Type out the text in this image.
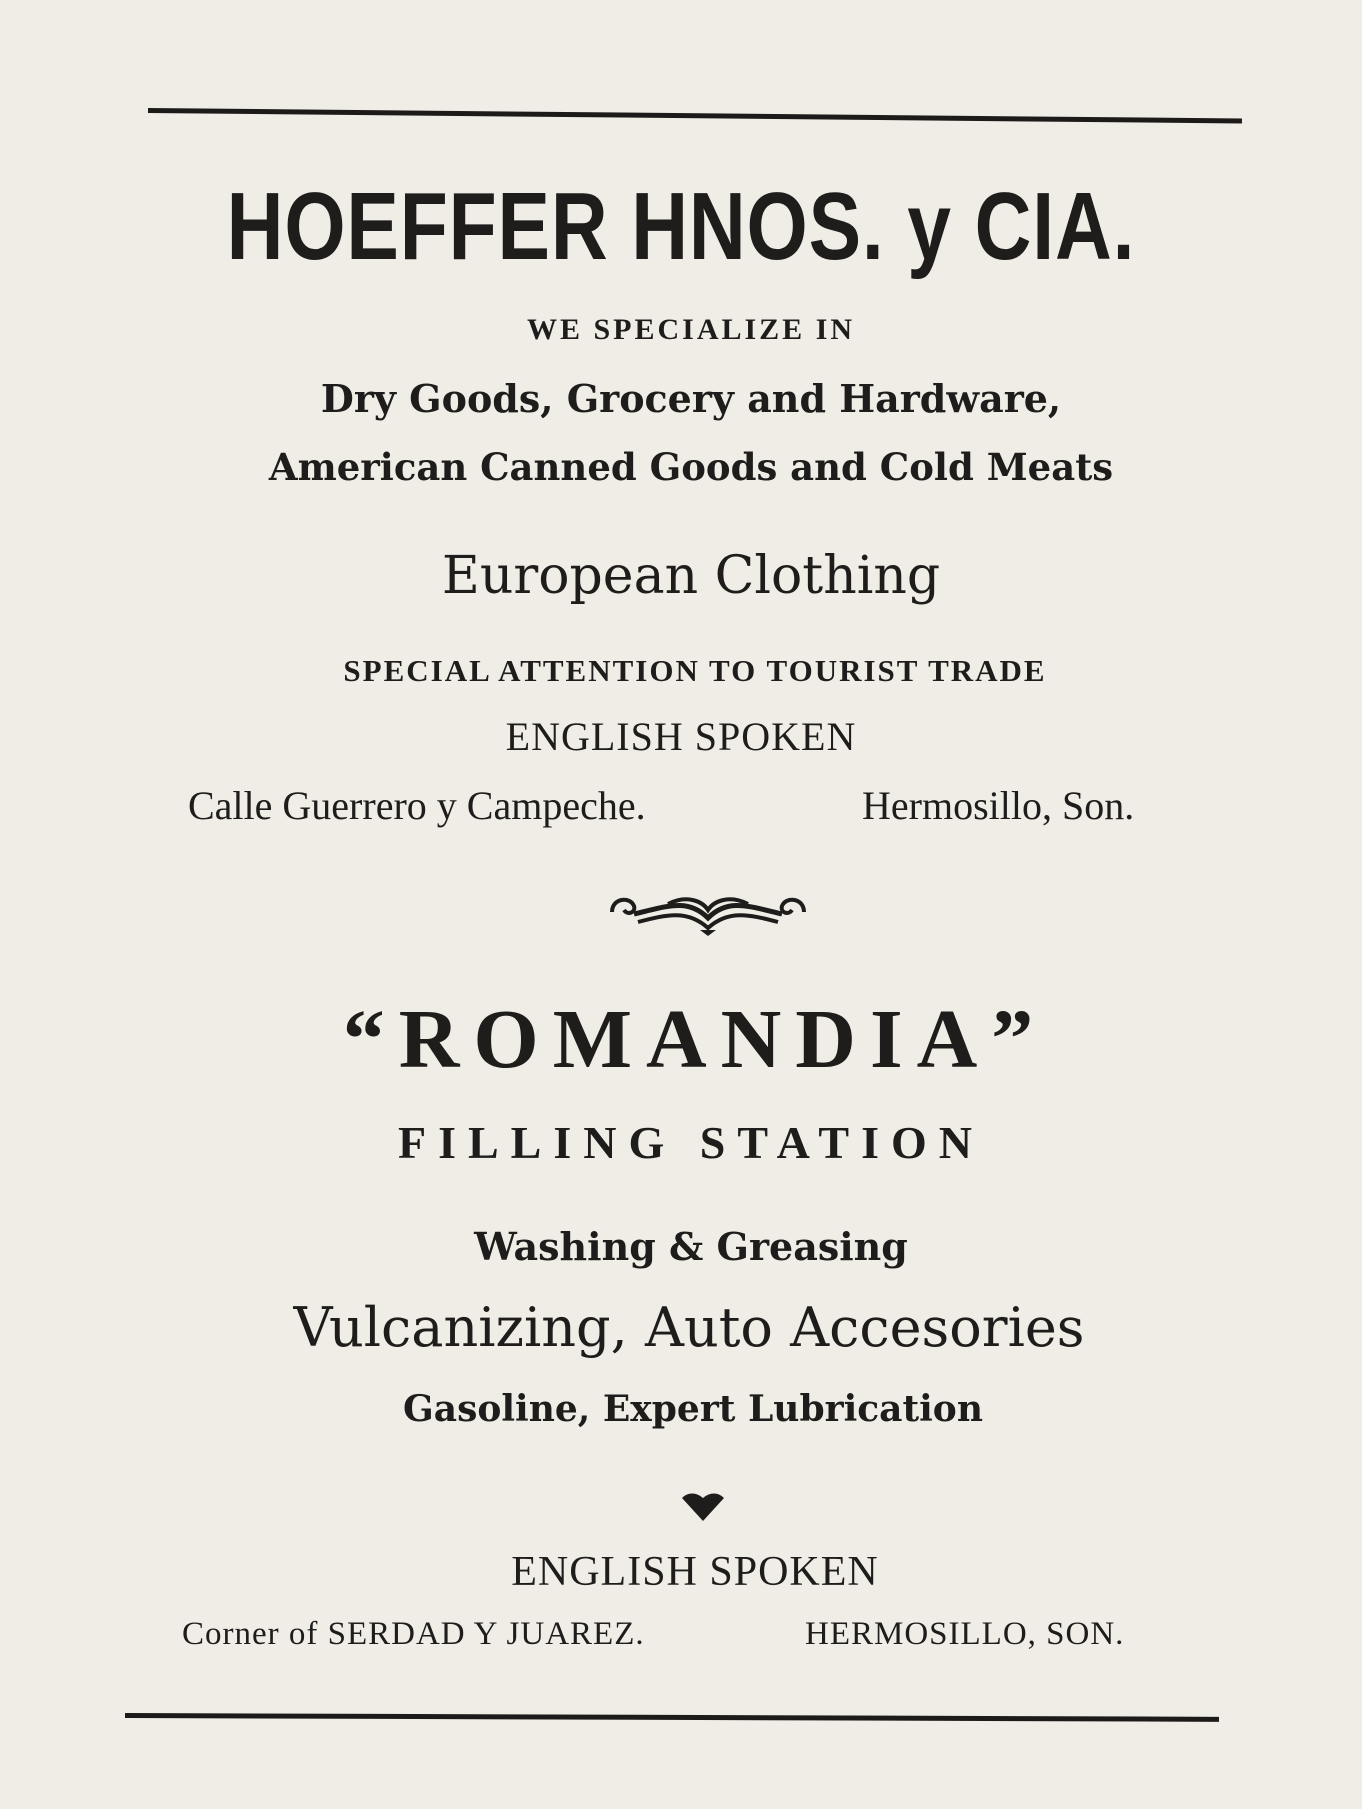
HOEFFER HNOS. y CIA.
WE SPECIALIZE IN
Dry Goods, Grocery and Hardware,
American Canned Goods and Cold Meats
European Clothing
SPECIAL ATTENTION TO TOURIST TRADE
ENGLISH SPOKEN
Calle Guerrero y Campeche.	Hermosillo, Son.
“ROMANDIA”
FILLING STATION
Washing & Greasing
Vulcanizing, Auto Accesories
Gasoline, Expert Lubrication
ENGLISH SPOKEN
Corner of SERDAD Y JUAREZ.	HERMOSILLO, SON.
